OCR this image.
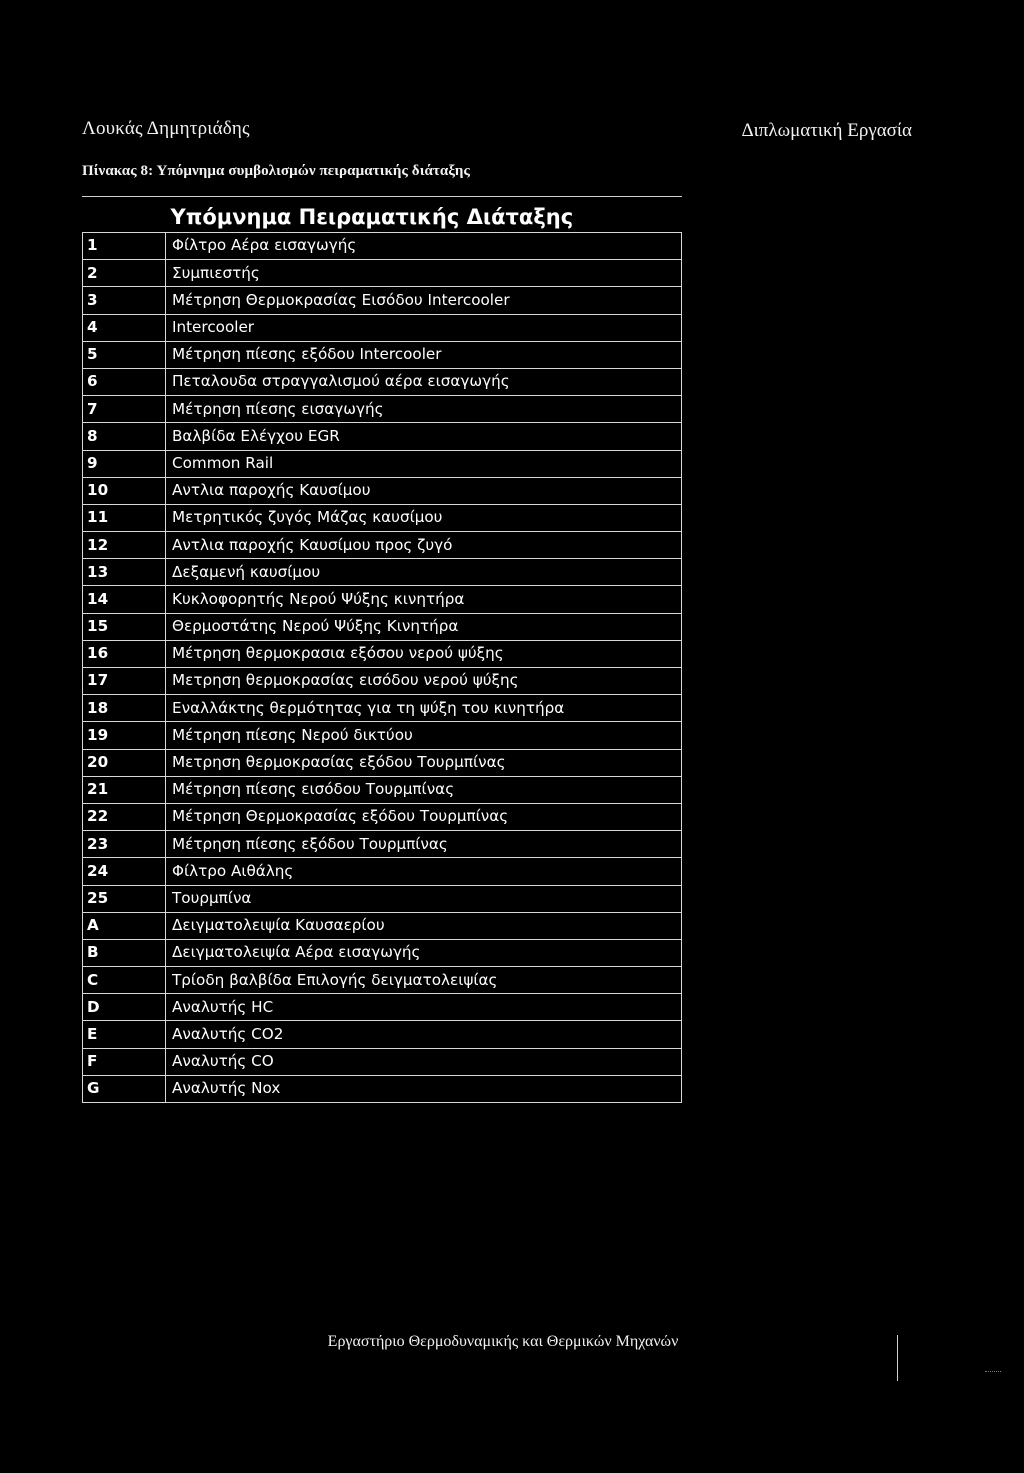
Λουκάς Δημητριάδης	Διπλωματική Εργασία
Πίνακας 8: Υπόμνημα συμβολισμών πειραματικής διάταξης
Υπόμνημα Πειραματικής Διάταξης	
1	Φίλτρο Αέρα εισαγωγής
2	Συμπιεστής
3	Μέτρηση Θερμοκρασίας Εισόδου Intercooler
4	Intercooler
5	Μέτρηση πίεσης εξόδου Intercooler
6	Πεταλουδα στραγγαλισμού αέρα εισαγωγής
7	Μέτρηση πίεσης εισαγωγής
8	Βαλβίδα Ελέγχου EGR
9	Common Rail
10	Αντλια παροχής Καυσίμου
11	Μετρητικός ζυγός Μάζας καυσίμου
12	Αντλια παροχής Καυσίμου προς ζυγό
13	Δεξαμενή καυσίμου
14	Κυκλοφορητής Νερού Ψύξης κινητήρα
15	Θερμοστάτης Νερού Ψύξης Κινητήρα
16	Μέτρηση θερμοκρασια εξόσου νερού ψύξης
17	Μετρηση θερμοκρασίας εισόδου νερού ψύξης
18	Εναλλάκτης θερμότητας για τη ψύξη του κινητήρα
19	Μέτρηση πίεσης Νερού δικτύου
20	Μετρηση θερμοκρασίας εξόδου Τουρμπίνας
21	Μέτρηση πίεσης εισόδου Τουρμπίνας
22	Μέτρηση Θερμοκρασίας εξόδου Τουρμπίνας
23	Μέτρηση πίεσης εξόδου Τουρμπίνας
24	Φίλτρο Αιθάλης
25	Τουρμπίνα
A	Δειγματολειψία Καυσαερίου
B	Δειγματολειψία Αέρα εισαγωγής
C	Τρίοδη βαλβίδα Επιλογής δειγματολειψίας
D	Αναλυτής HC
E	Αναλυτής CO2
F	Αναλυτής CO
G	Αναλυτής Nox
Εργαστήριο Θερμοδυναμικής και Θερμικών Μηχανών
